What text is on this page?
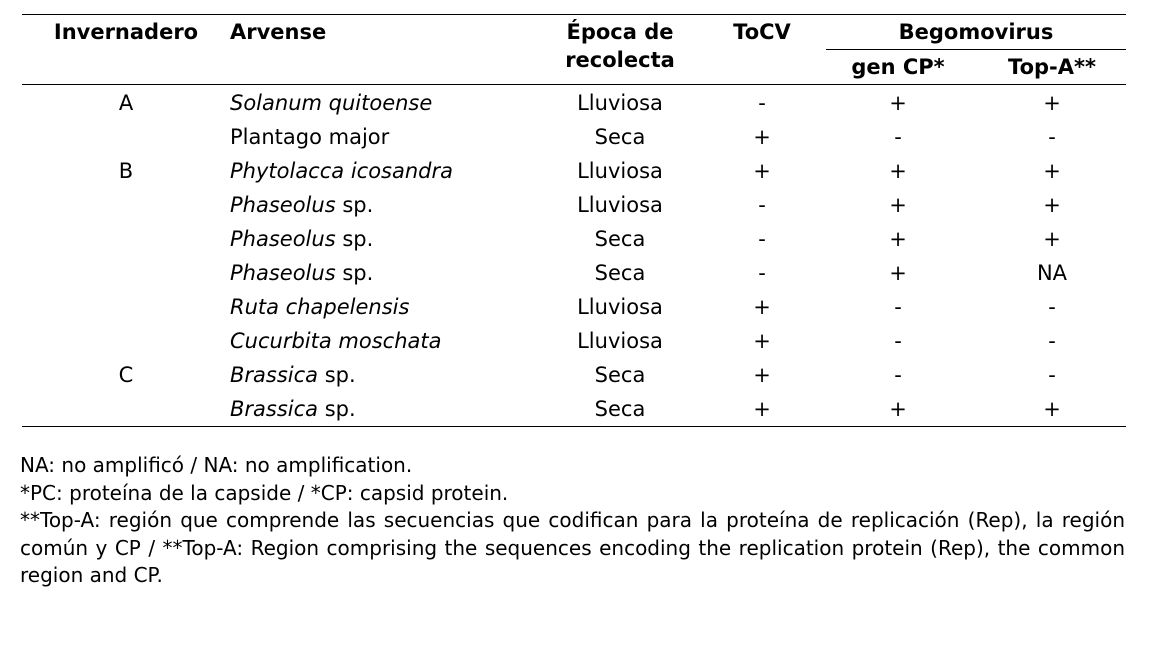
Invernadero	Arvense	Época de recolecta	ToCV	Begomovirus	

				gen CP*	Top-A**

A	Solanum quitoense	Lluviosa	-	+	+
	Plantago major	Seca	+	-	-
B	Phytolacca icosandra	Lluviosa	+	+	+
	Phaseolus sp.	Lluviosa	-	+	+
	Phaseolus sp.	Seca	-	+	+
	Phaseolus sp.	Seca	-	+	NA
	Ruta chapelensis	Lluviosa	+	-	-
	Cucurbita moschata	Lluviosa	+	-	-
C	Brassica sp.	Seca	+	-	-
	Brassica sp.	Seca	+	+	+

NA: no amplificó / NA: no amplification.

*PC: proteína de la capside / *CP: capsid protein.

**Top-A: región que comprende las secuencias que codifican para la proteína de replicación (Rep), la región común y CP / **Top-A: Region comprising the sequences encoding the replication protein (Rep), the common region and CP.
